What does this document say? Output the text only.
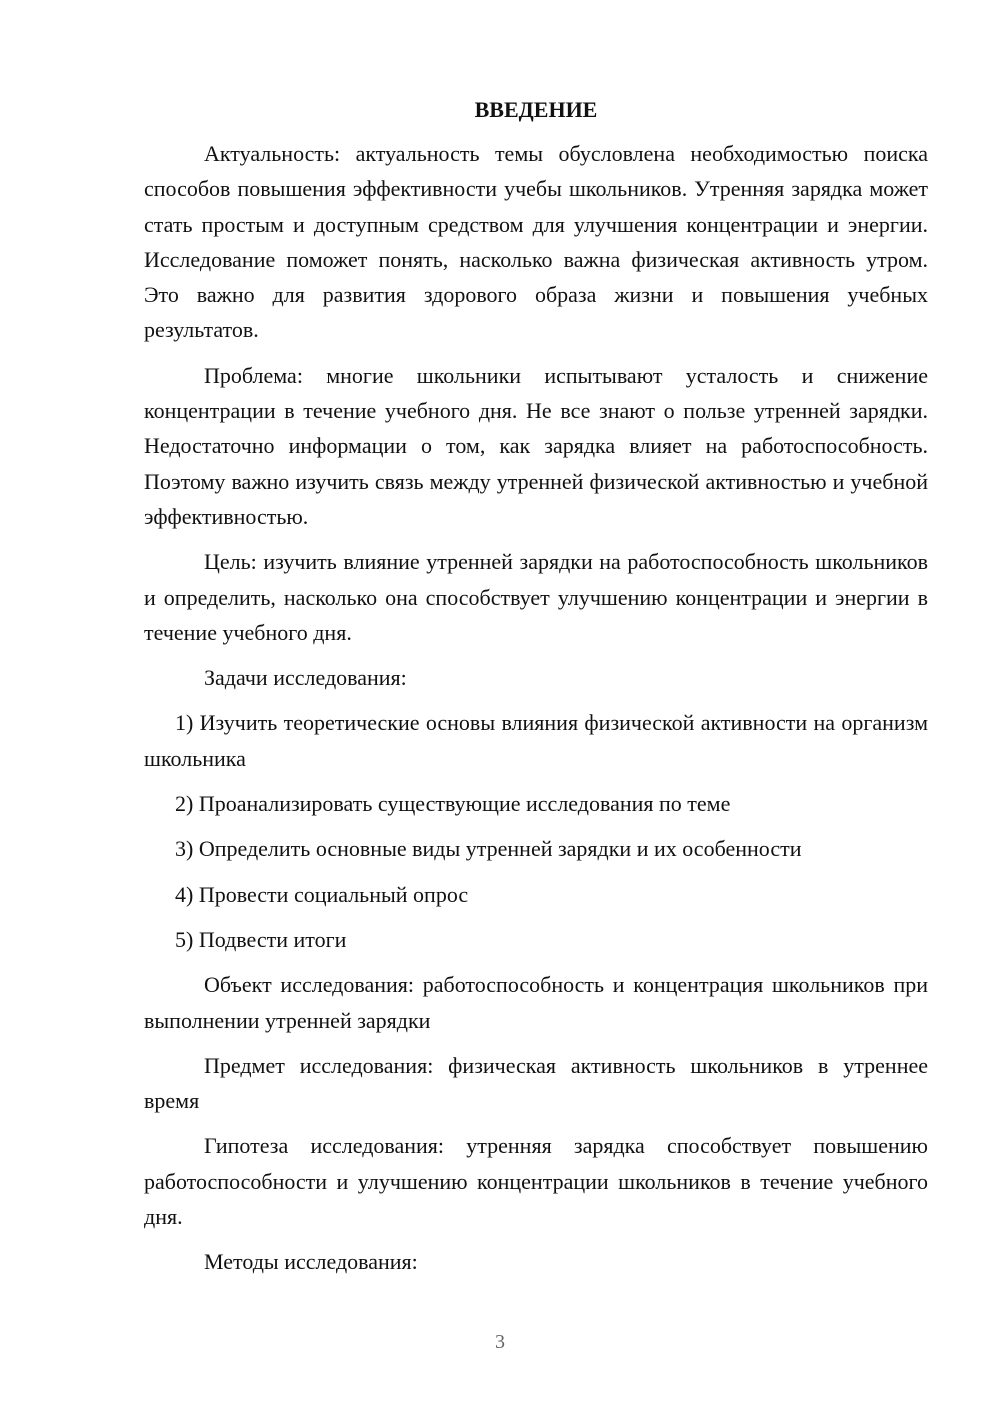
ВВЕДЕНИЕ

Актуальность: актуальность темы обусловлена необходимостью поиска способов повышения эффективности учебы школьников. Утренняя зарядка может стать простым и доступным средством для улучшения концентрации и энергии. Исследование поможет понять, насколько важна физическая активность утром. Это важно для развития здорового образа жизни и повышения учебных результатов.

Проблема: многие школьники испытывают усталость и снижение концентрации в течение учебного дня. Не все знают о пользе утренней зарядки. Недостаточно информации о том, как зарядка влияет на работоспособность. Поэтому важно изучить связь между утренней физической активностью и учебной эффективностью.

Цель: изучить влияние утренней зарядки на работоспособность школьников и определить, насколько она способствует улучшению концентрации и энергии в течение учебного дня.

Задачи исследования:

1) Изучить теоретические основы влияния физической активности на организм школьника

2) Проанализировать существующие исследования по теме

3) Определить основные виды утренней зарядки и их особенности

4) Провести социальный опрос

5) Подвести итоги

Объект исследования: работоспособность и концентрация школьников при выполнении утренней зарядки

Предмет исследования: физическая активность школьников в утреннее время

Гипотеза исследования: утренняя зарядка способствует повышению работоспособности и улучшению концентрации школьников в течение учебного дня.

Методы исследования:

3
